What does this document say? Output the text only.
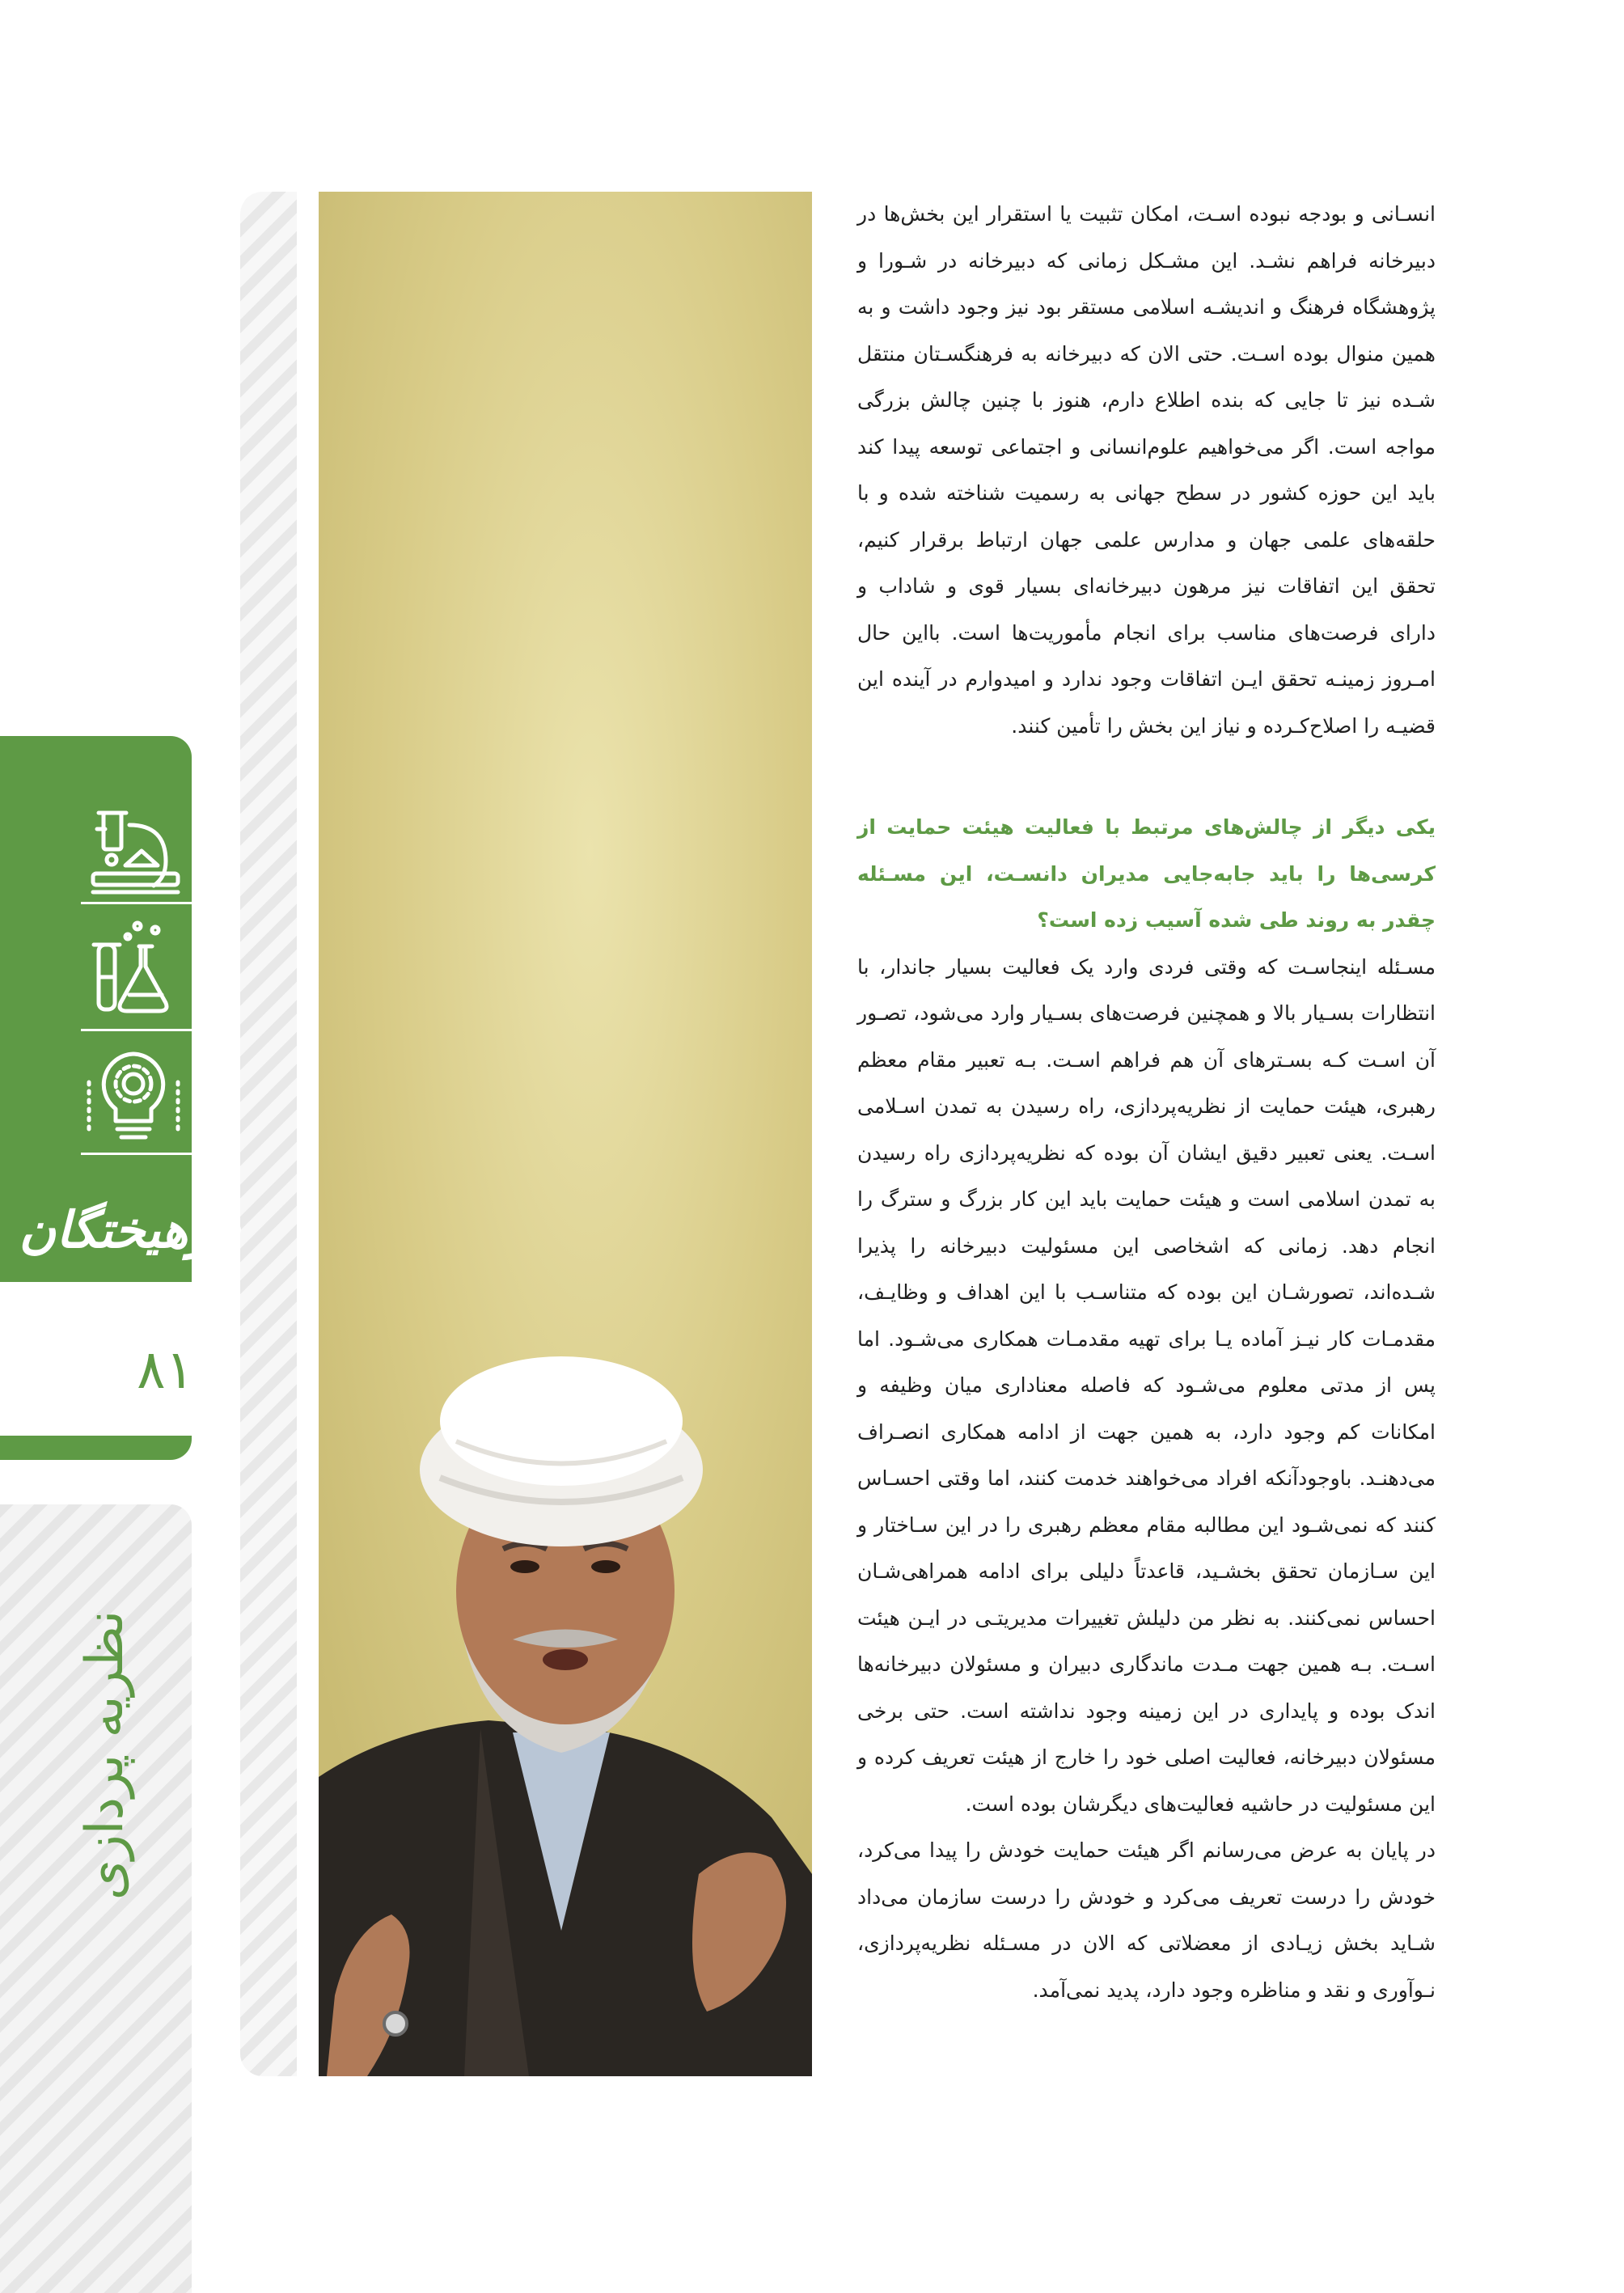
فرهیختگان
۸۱
نظریه پردازی

انسـانی و بودجه نبوده اسـت، امکان تثبیت یا استقرار این بخش‌ها در دبیرخانه فراهم نشـد. این مشـکل زمانی که دبیرخانه در شـورا و پژوهشگاه فرهنگ و اندیشـه اسلامی مستقر بود نیز وجود داشت و به همین منوال بوده اسـت. حتی الان که دبیرخانه به فرهنگسـتان منتقل شـده نیز تا جایی که بنده اطلاع دارم، هنوز با چنین چالش بزرگی مواجه است. اگر می‌خواهیم علوم‌انسانی و اجتماعی توسعه پیدا کند باید این حوزه کشور در سطح جهانی به رسمیت شناخته شده و با حلقه‌های علمی جهان و مدارس علمی جهان ارتباط برقرار کنیم، تحقق این اتفاقات نیز مرهون دبیرخانه‌ای بسیار قوی و شاداب و دارای فرصت‌های مناسب برای انجام مأموریت‌ها است. بااین حال امـروز زمینـه تحقق ایـن اتفاقات وجود ندارد و امیدوارم در آینده این قضیـه را اصلاح‌کـرده و نیاز این بخش را تأمین کنند.

یکی دیگر از چالش‌های مرتبط با فعالیت هیئت حمایت از کرسی‌ها را باید جابه‌جایی مدیران دانسـت، این مسـئله چقدر به روند طی شده آسیب زده است؟

مسـئله اینجاسـت که وقتی فردی وارد یک فعالیت بسیار جاندار، با انتظارات بسـیار بالا و همچنین فرصت‌های بسـیار وارد می‌شود، تصـور آن اسـت کـه بسـترهای آن هم فراهم اسـت. بـه تعبیر مقام معظم رهبری، هیئت حمایت از نظریه‌پردازی، راه رسیدن به تمدن اسـلامی اسـت. یعنی تعبیر دقیق ایشان آن بوده که نظریه‌پردازی راه رسیدن به تمدن اسلامی است و هیئت حمایت باید این کار بزرگ و سترگ را انجام دهد. زمانی که اشخاصی این مسئولیت دبیرخانه را پذیرا شـده‌اند، تصورشـان این بوده که متناسـب با این اهداف و وظایـف، مقدمـات کار نیـز آماده یـا برای تهیه مقدمـات همکاری می‌شـود. اما پس از مدتی معلوم می‌شـود که فاصله معناداری میان وظیفه و امکانات کم وجود دارد، به همین جهت از ادامه همکاری انصـراف می‌دهنـد. باوجودآنکه افراد می‌خواهند خدمت کنند، اما وقتی احسـاس کنند که نمی‌شـود این مطالبه مقام معظم رهبری را در این سـاختار و این سـازمان تحقق بخشـید، قاعدتاً دلیلی برای ادامه همراهی‌شـان احساس نمی‌کنند. به نظر من دلیلش تغییرات مدیریتـی در ایـن هیئت اسـت. بـه همین جهت مـدت ماندگاری دبیران و مسئولان دبیرخانه‌ها اندک بوده و پایداری در این زمینه وجود نداشته است. حتی برخی مسئولان دبیرخانه، فعالیت اصلی خود را خارج از هیئت تعریف کرده و این مسئولیت در حاشیه فعالیت‌های دیگرشان بوده است.

در پایان به عرض می‌رسانم اگر هیئت حمایت خودش را پیدا می‌کرد، خودش را درست تعریف می‌کرد و خودش را درست سازمان می‌داد شـاید بخش زیـادی از معضلاتی که الان در مسـئله نظریه‌پردازی، نـوآوری و نقد و مناظره وجود دارد، پدید نمی‌آمد.
